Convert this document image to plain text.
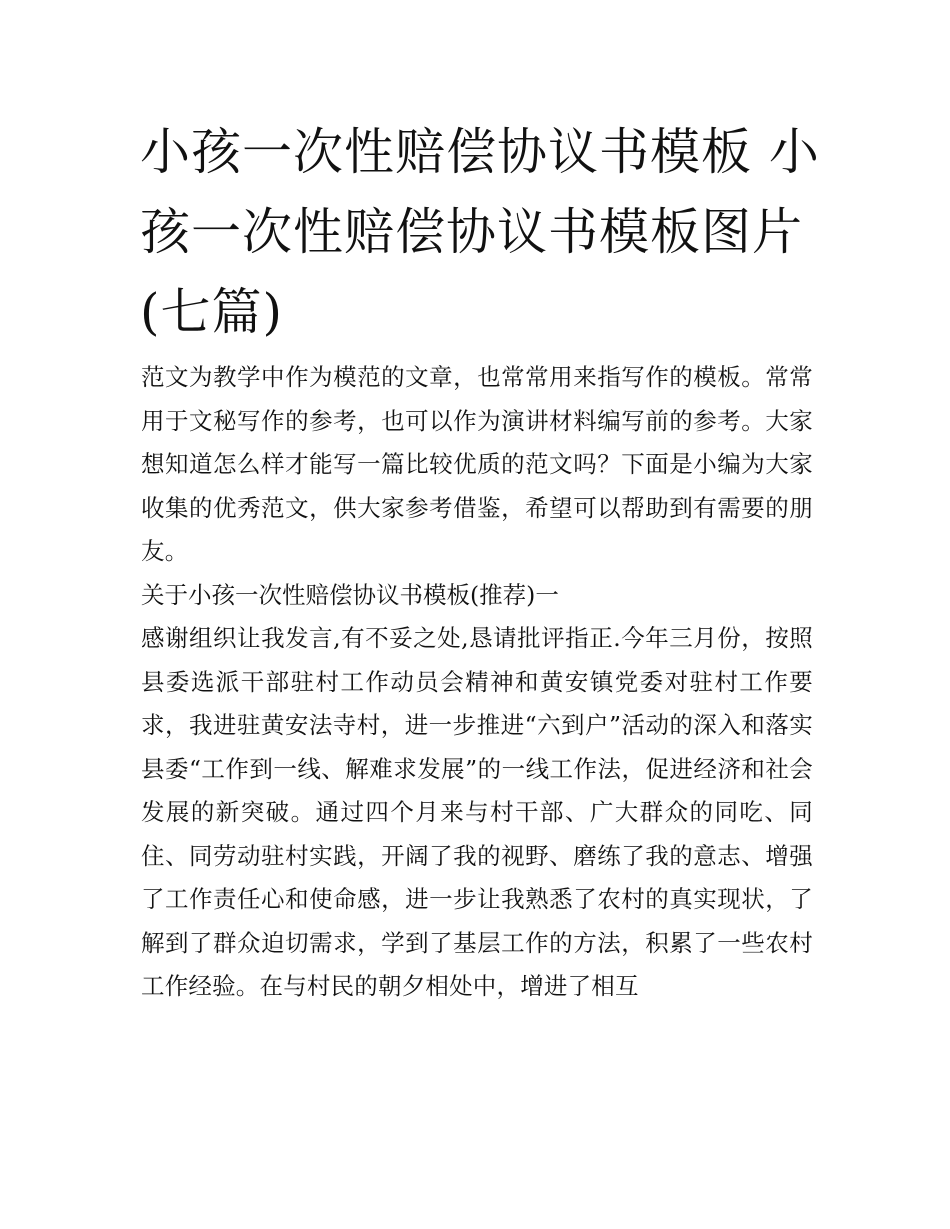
小孩一次性赔偿协议书模板 小孩一次性赔偿协议书模板图片(七篇)

范文为教学中作为模范的文章，也常常用来指写作的模板。常常用于文秘写作的参考，也可以作为演讲材料编写前的参考。大家想知道怎么样才能写一篇比较优质的范文吗？下面是小编为大家收集的优秀范文，供大家参考借鉴，希望可以帮助到有需要的朋友。

关于小孩一次性赔偿协议书模板(推荐)一

感谢组织让我发言,有不妥之处,恳请批评指正.今年三月份，按照县委选派干部驻村工作动员会精神和黄安镇党委对驻村工作要求，我进驻黄安法寺村，进一步推进“六到户”活动的深入和落实县委“工作到一线、解难求发展”的一线工作法，促进经济和社会发展的新突破。通过四个月来与村干部、广大群众的同吃、同住、同劳动驻村实践，开阔了我的视野、磨练了我的意志、增强了工作责任心和使命感，进一步让我熟悉了农村的真实现状，了解到了群众迫切需求，学到了基层工作的方法，积累了一些农村工作经验。在与村民的朝夕相处中，增进了相互
